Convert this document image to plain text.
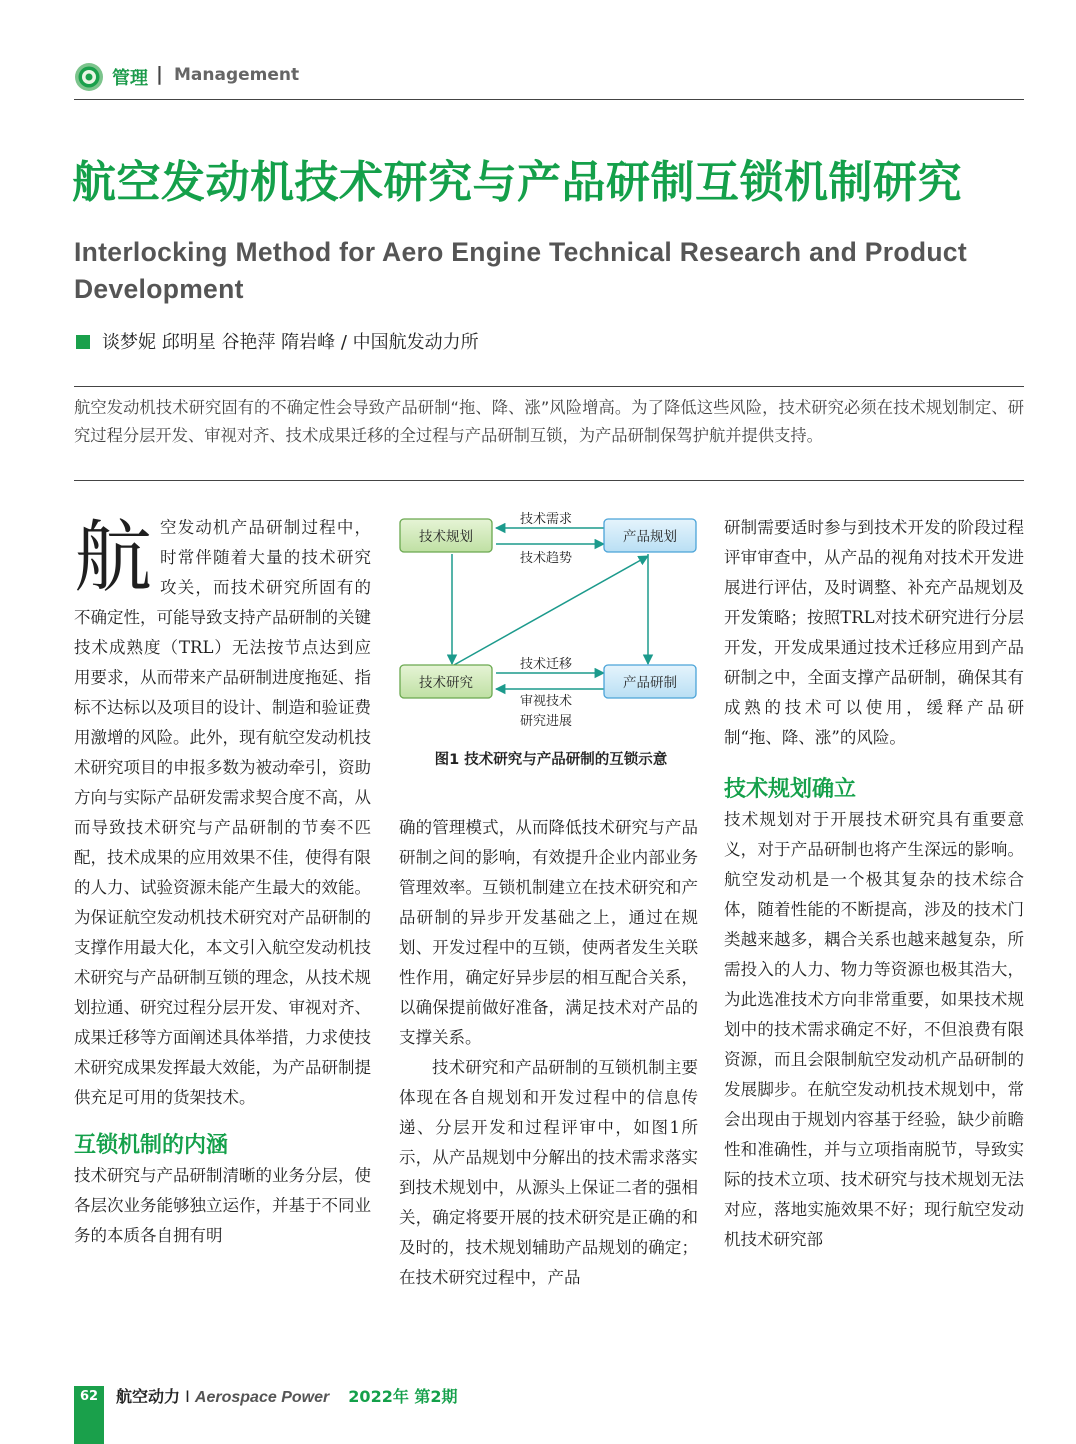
管理 | Management
航空发动机技术研究与产品研制互锁机制研究
Interlocking Method for Aero Engine Technical Research and Product Development
谈梦妮 邱明星 谷艳萍 隋岩峰 / 中国航发动力所
航空发动机技术研究固有的不确定性会导致产品研制“拖、降、涨”风险增高。为了降低这些风险，技术研究必须在技术规划制定、研究过程分层开发、审视对齐、技术成果迁移的全过程与产品研制互锁，为产品研制保驾护航并提供支持。

航空发动机产品研制过程中，时常伴随着大量的技术研究攻关，而技术研究所固有的不确定性，可能导致支持产品研制的关键技术成熟度（TRL）无法按节点达到应用要求，从而带来产品研制进度拖延、指标不达标以及项目的设计、制造和验证费用激增的风险。此外，现有航空发动机技术研究项目的申报多数为被动牵引，资助方向与实际产品研发需求契合度不高，从而导致技术研究与产品研制的节奏不匹配，技术成果的应用效果不佳，使得有限的人力、试验资源未能产生最大的效能。为保证航空发动机技术研究对产品研制的支撑作用最大化，本文引入航空发动机技术研究与产品研制互锁的理念，从技术规划拉通、研究过程分层开发、审视对齐、成果迁移等方面阐述具体举措，力求使技术研究成果发挥最大效能，为产品研制提供充足可用的货架技术。

互锁机制的内涵

技术研究与产品研制清晰的业务分层，使各层次业务能够独立运作，并基于不同业务的本质各自拥有明

技术规划	产品规划
技术研究	产品研制
技术需求
技术趋势
技术迁移
审视技术
研究进展
图1 技术研究与产品研制的互锁示意

确的管理模式，从而降低技术研究与产品研制之间的影响，有效提升企业内部业务管理效率。互锁机制建立在技术研究和产品研制的异步开发基础之上，通过在规划、开发过程中的互锁，使两者发生关联性作用，确定好异步层的相互配合关系，以确保提前做好准备，满足技术对产品的支撑关系。

技术研究和产品研制的互锁机制主要体现在各自规划和开发过程中的信息传递、分层开发和过程评审中，如图1所示，从产品规划中分解出的技术需求落实到技术规划中，从源头上保证二者的强相关，确定将要开展的技术研究是正确的和及时的，技术规划辅助产品规划的确定；在技术研究过程中，产品

研制需要适时参与到技术开发的阶段过程评审审查中，从产品的视角对技术开发进展进行评估，及时调整、补充产品规划及开发策略；按照TRL对技术研究进行分层开发，开发成果通过技术迁移应用到产品研制之中，全面支撑产品研制，确保其有成熟的技术可以使用，缓释产品研制“拖、降、涨”的风险。

技术规划确立

技术规划对于开展技术研究具有重要意义，对于产品研制也将产生深远的影响。航空发动机是一个极其复杂的技术综合体，随着性能的不断提高，涉及的技术门类越来越多，耦合关系也越来越复杂，所需投入的人力、物力等资源也极其浩大，为此选准技术方向非常重要，如果技术规划中的技术需求确定不好，不但浪费有限资源，而且会限制航空发动机产品研制的发展脚步。在航空发动机技术规划中，常会出现由于规划内容基于经验，缺少前瞻性和准确性，并与立项指南脱节，导致实际的技术立项、技术研究与技术规划无法对应，落地实施效果不好；现行航空发动机技术研究部

62	航空动力 I Aerospace Power 2022年 第2期
